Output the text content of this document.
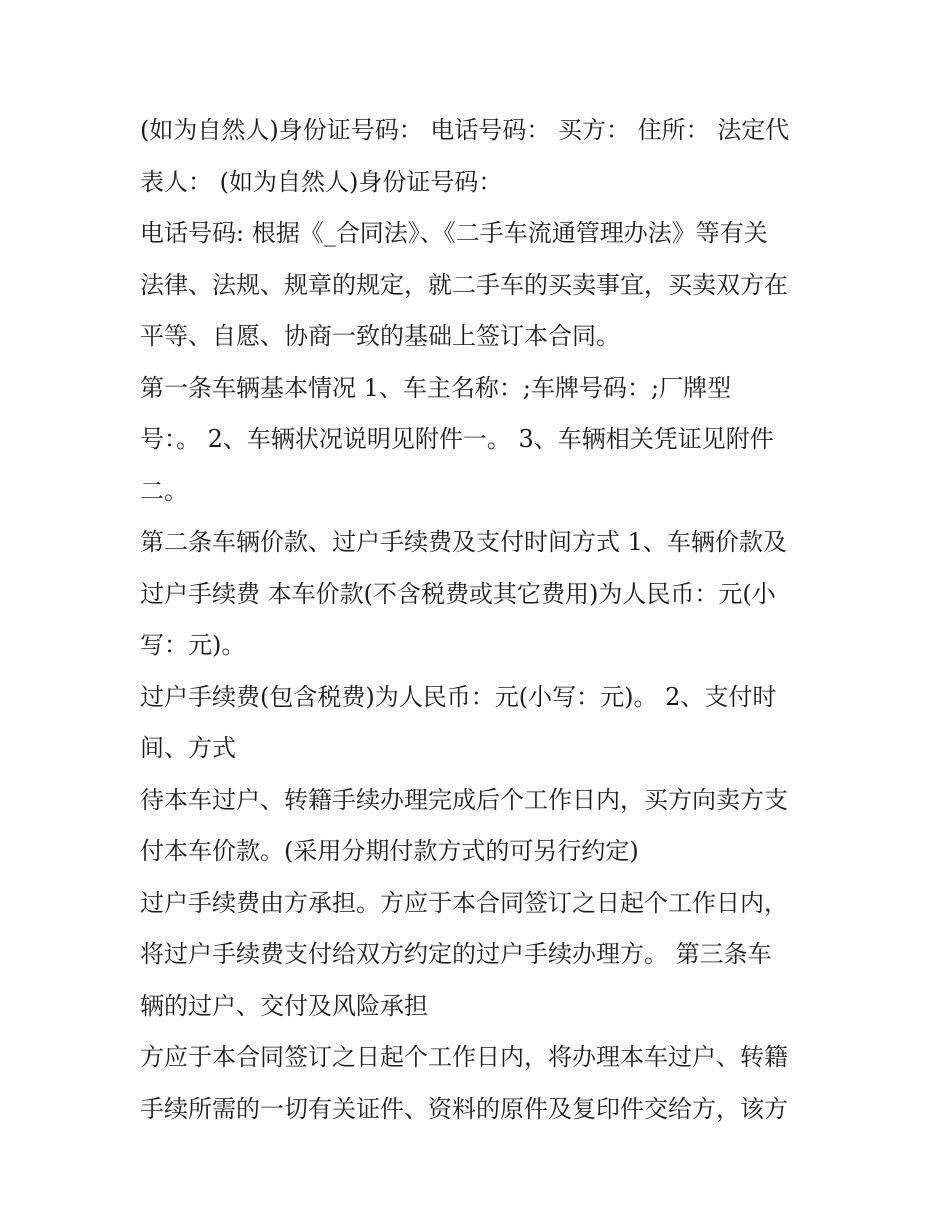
(如为自然人)身份证号码： 电话号码： 买方： 住所： 法定代
表人： (如为自然人)身份证号码：
电话号码: 根据《_合同法》、《二手车流通管理办法》等有关
法律、法规、规章的规定，就二手车的买卖事宜，买卖双方在
平等、自愿、协商一致的基础上签订本合同。
第一条车辆基本情况 1、车主名称：;车牌号码：;厂牌型
号：。 2、车辆状况说明见附件一。 3、车辆相关凭证见附件
二。
第二条车辆价款、过户手续费及支付时间方式 1、车辆价款及
过户手续费 本车价款(不含税费或其它费用)为人民币：元(小
写：元)。
过户手续费(包含税费)为人民币：元(小写：元)。 2、支付时
间、方式
待本车过户、转籍手续办理完成后个工作日内，买方向卖方支
付本车价款。(采用分期付款方式的可另行约定)
过户手续费由方承担。方应于本合同签订之日起个工作日内，
将过户手续费支付给双方约定的过户手续办理方。 第三条车
辆的过户、交付及风险承担
方应于本合同签订之日起个工作日内，将办理本车过户、转籍
手续所需的一切有关证件、资料的原件及复印件交给方，该方
